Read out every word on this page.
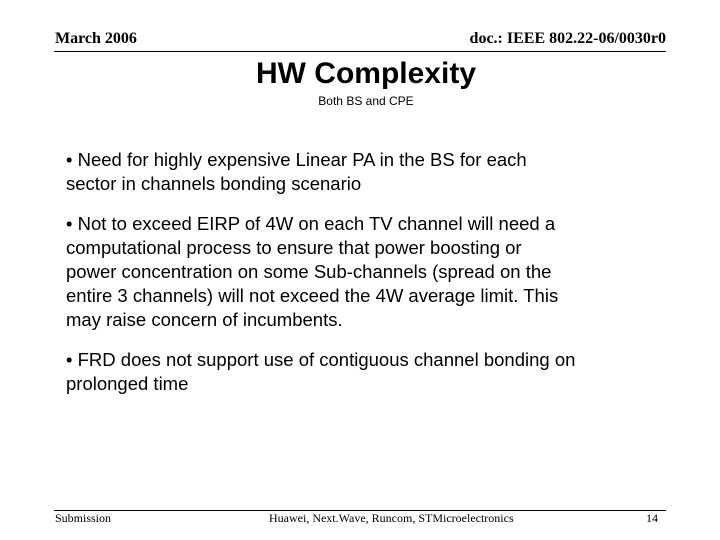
March 2006	doc.: IEEE 802.22-06/0030r0
HW Complexity
Both BS and CPE
• Need for highly expensive Linear PA in the BS for each
sector in channels bonding scenario
• Not to exceed EIRP of 4W on each TV channel will need a
computational process to ensure that power boosting or
power concentration on some Sub-channels (spread on the
entire 3 channels) will not exceed the 4W average limit. This
may raise concern of incumbents.
• FRD does not support use of contiguous channel bonding on
prolonged time
Submission	Huawei, Next.Wave, Runcom, STMicroelectronics	14
